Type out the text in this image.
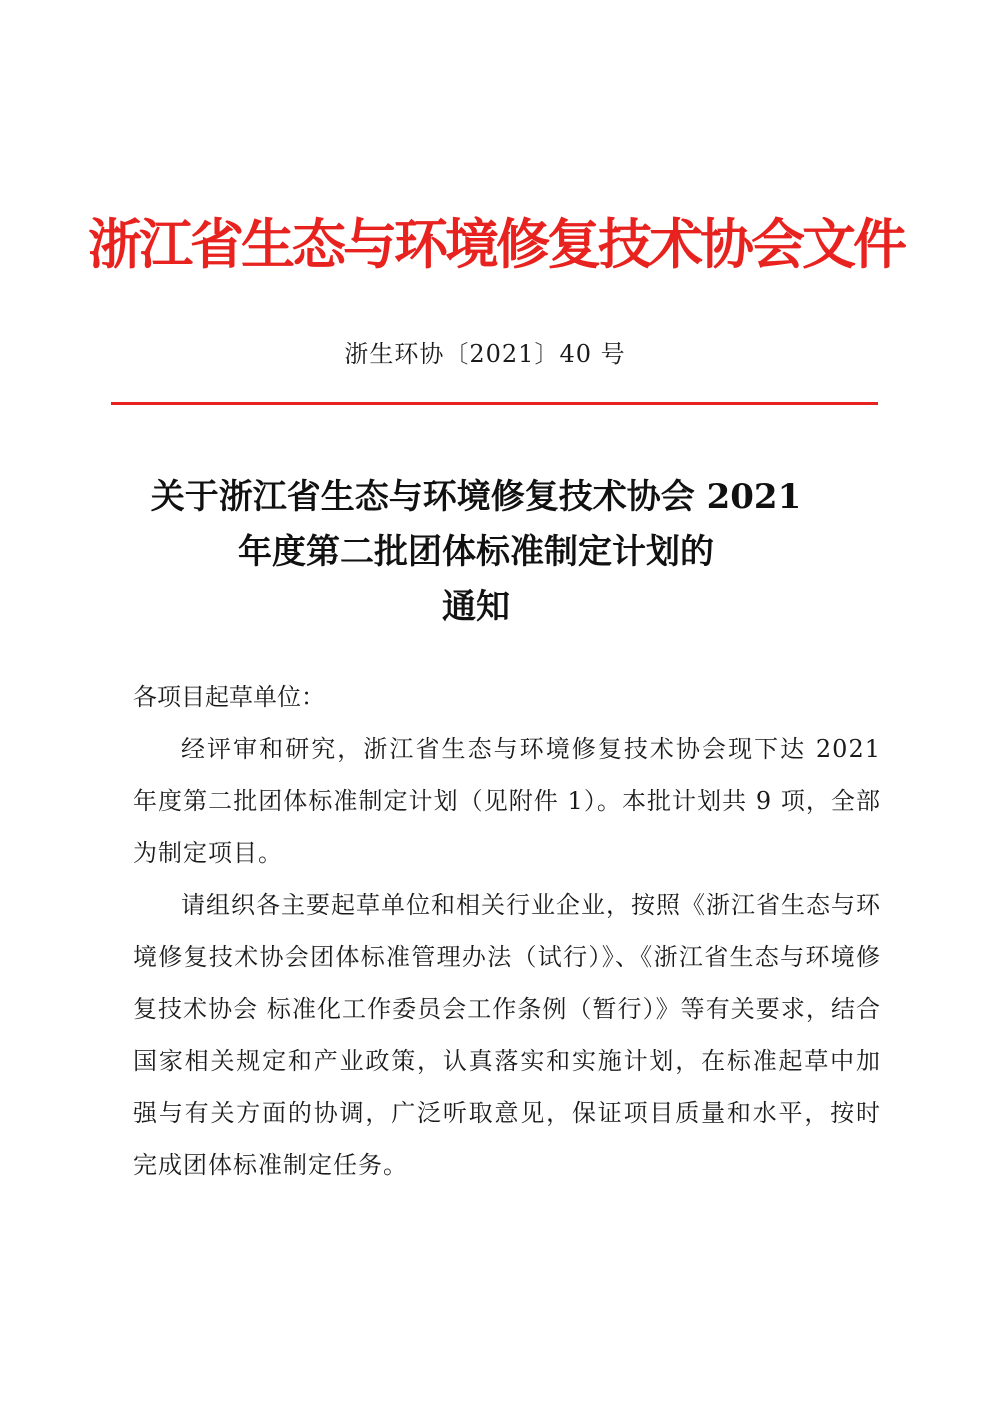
浙江省生态与环境修复技术协会文件
浙生环协〔2021〕40 号
关于浙江省生态与环境修复技术协会 2021
年度第二批团体标准制定计划的
通知
各项目起草单位：

经评审和研究，浙江省生态与环境修复技术协会现下达 2021 年度第二批团体标准制定计划（见附件 1）。本批计划共 9 项，全部为制定项目。

请组织各主要起草单位和相关行业企业，按照《浙江省生态与环境修复技术协会团体标准管理办法（试行）》、《浙江省生态与环境修复技术协会 标准化工作委员会工作条例（暂行）》等有关要求，结合国家相关规定和产业政策，认真落实和实施计划，在标准起草中加强与有关方面的协调，广泛听取意见，保证项目质量和水平，按时完成团体标准制定任务。
